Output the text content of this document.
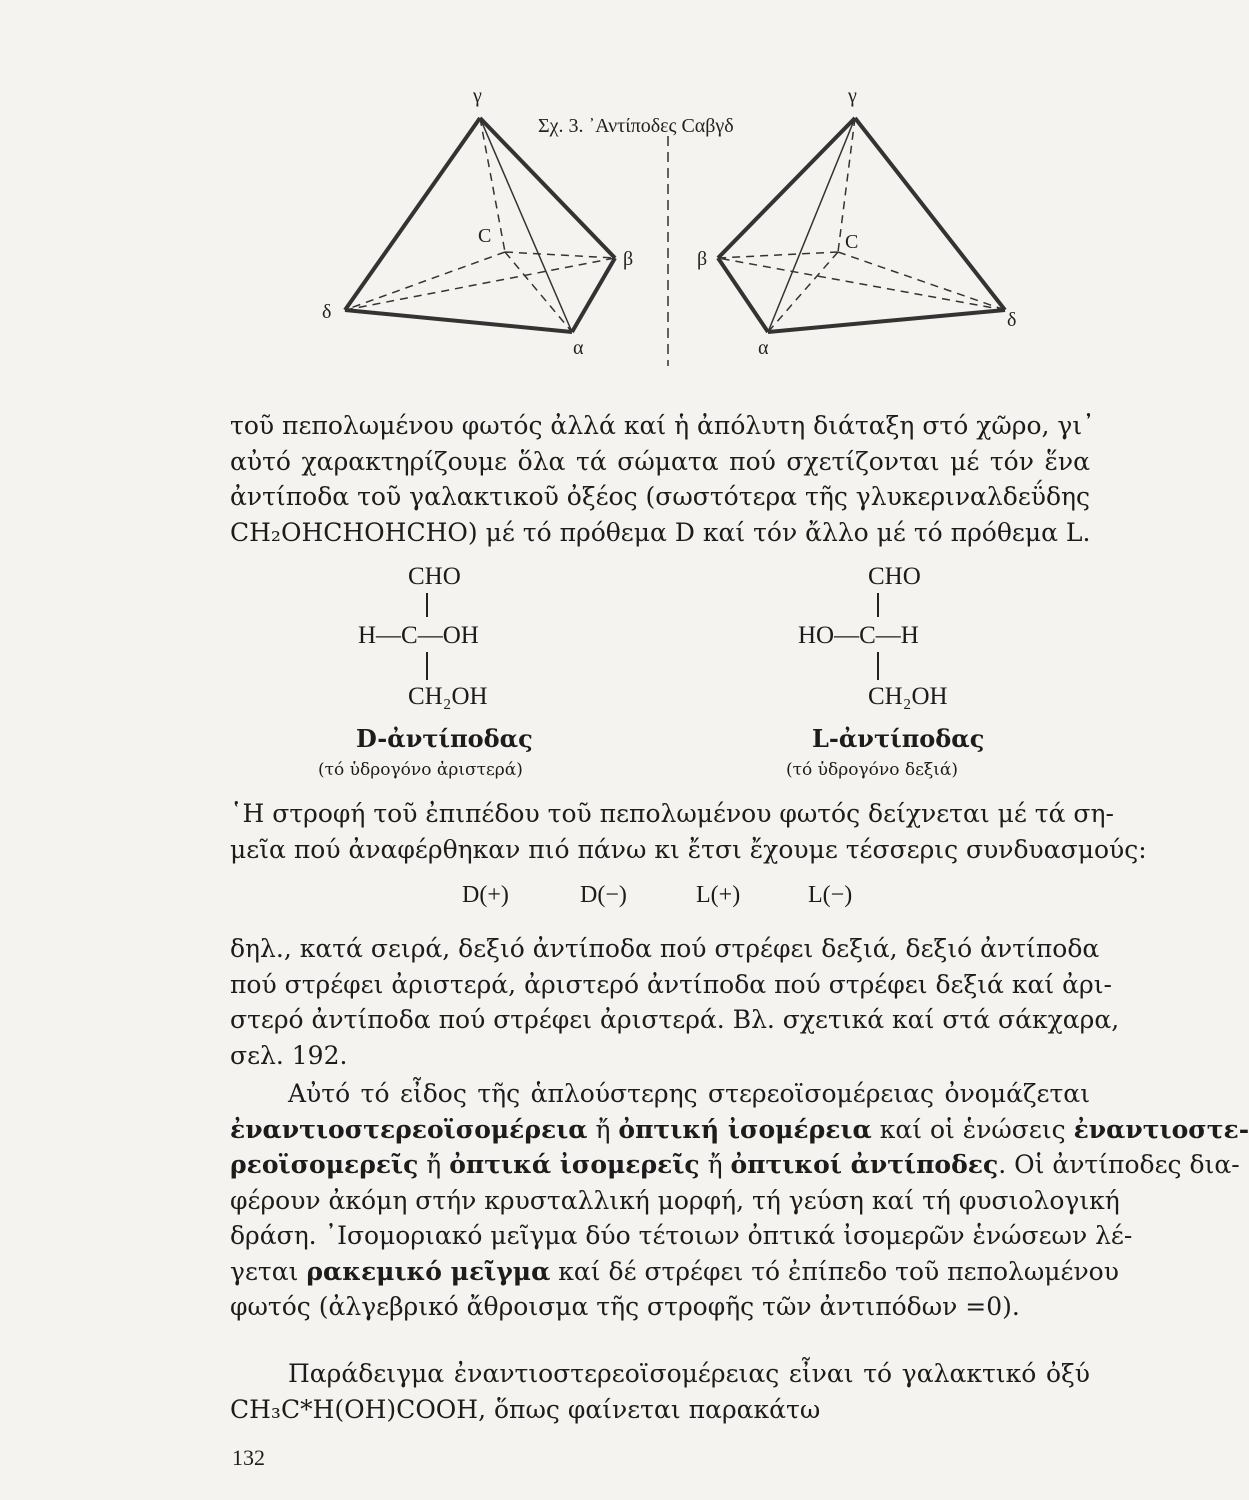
Σχ. 3. ᾿Αντίποδες Cαβγδ
γ
C
β
δ
α
γ
C
β
δ
α
τοῦ πεπολωμένου φωτός ἀλλά καί ἡ ἀπόλυτη διάταξη στό χῶρο, γι᾿
αὐτό χαρακτηρίζουμε ὅλα τά σώματα πού σχετίζονται μέ τόν ἕνα
ἀντίποδα τοῦ γαλακτικοῦ ὀξέος (σωστότερα τῆς γλυκεριναλδεΰδης
CH₂OHCHOHCHO) μέ τό πρόθεμα D καί τόν ἄλλο μέ τό πρόθεμα L.
CHO
H—C—OH
CH₂OH
D-ἀντίποδας
(τό ὑδρογόνο ἀριστερά)
CHO
HO—C—H
CH₂OH
L-ἀντίποδας
(τό ὑδρογόνο δεξιά)
῾Η στροφή τοῦ ἐπιπέδου τοῦ πεπολωμένου φωτός δείχνεται μέ τά ση-
μεῖα πού ἀναφέρθηκαν πιό πάνω κι ἔτσι ἔχουμε τέσσερις συνδυασμούς:
D(+)	D(−)	L(+)	L(−)
δηλ., κατά σειρά, δεξιό ἀντίποδα πού στρέφει δεξιά, δεξιό ἀντίποδα
πού στρέφει ἀριστερά, ἀριστερό ἀντίποδα πού στρέφει δεξιά καί ἀρι-
στερό ἀντίποδα πού στρέφει ἀριστερά. Βλ. σχετικά καί στά σάκχαρα,
σελ. 192.
Αὐτό τό εἶδος τῆς ἁπλούστερης στερεοϊσομέρειας ὀνομάζεται
ἐναντιοστερεοϊσομέρεια ἤ ὀπτική ἰσομέρεια καί οἱ ἑνώσεις ἐναντιοστε-
ρεοϊσομερεῖς ἤ ὀπτικά ἰσομερεῖς ἤ ὀπτικοί ἀντίποδες. Οἱ ἀντίποδες δια-
φέρουν ἀκόμη στήν κρυσταλλική μορφή, τή γεύση καί τή φυσιολογική
δράση. ᾿Ισομοριακό μεῖγμα δύο τέτοιων ὀπτικά ἰσομερῶν ἑνώσεων λέ-
γεται ρακεμικό μεῖγμα καί δέ στρέφει τό ἐπίπεδο τοῦ πεπολωμένου
φωτός (ἀλγεβρικό ἄθροισμα τῆς στροφῆς τῶν ἀντιπόδων =0).
Παράδειγμα ἐναντιοστερεοϊσομέρειας εἶναι τό γαλακτικό ὀξύ
CH₃C*H(OH)COOH, ὅπως φαίνεται παρακάτω
132
